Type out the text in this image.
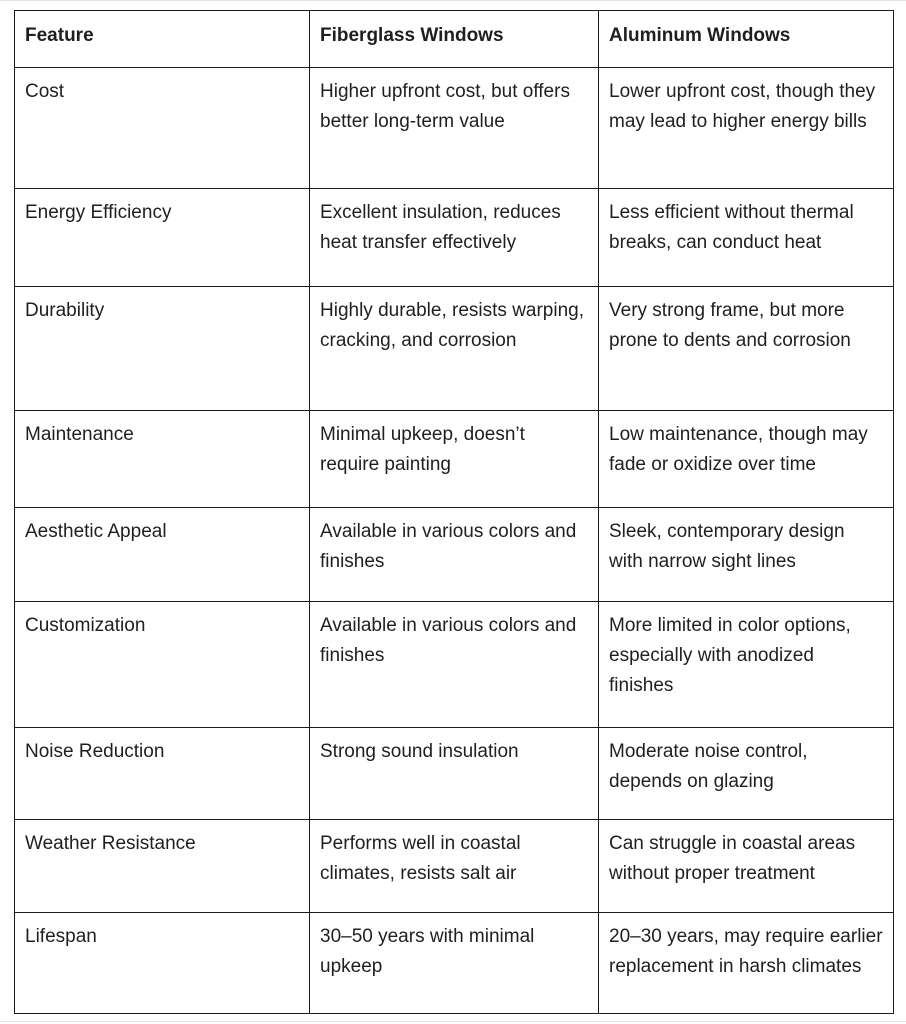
Feature	Fiberglass Windows	Aluminum Windows
Cost	Higher upfront cost, but offers better long-term value	Lower upfront cost, though they may lead to higher energy bills
Energy Efficiency	Excellent insulation, reduces heat transfer effectively	Less efficient without thermal breaks, can conduct heat
Durability	Highly durable, resists warping, cracking, and corrosion	Very strong frame, but more prone to dents and corrosion
Maintenance	Minimal upkeep, doesn’t require painting	Low maintenance, though may fade or oxidize over time
Aesthetic Appeal	Available in various colors and finishes	Sleek, contemporary design with narrow sight lines
Customization	Available in various colors and finishes	More limited in color options, especially with anodized finishes
Noise Reduction	Strong sound insulation	Moderate noise control, depends on glazing
Weather Resistance	Performs well in coastal climates, resists salt air	Can struggle in coastal areas without proper treatment
Lifespan	30–50 years with minimal upkeep	20–30 years, may require earlier replacement in harsh climates
